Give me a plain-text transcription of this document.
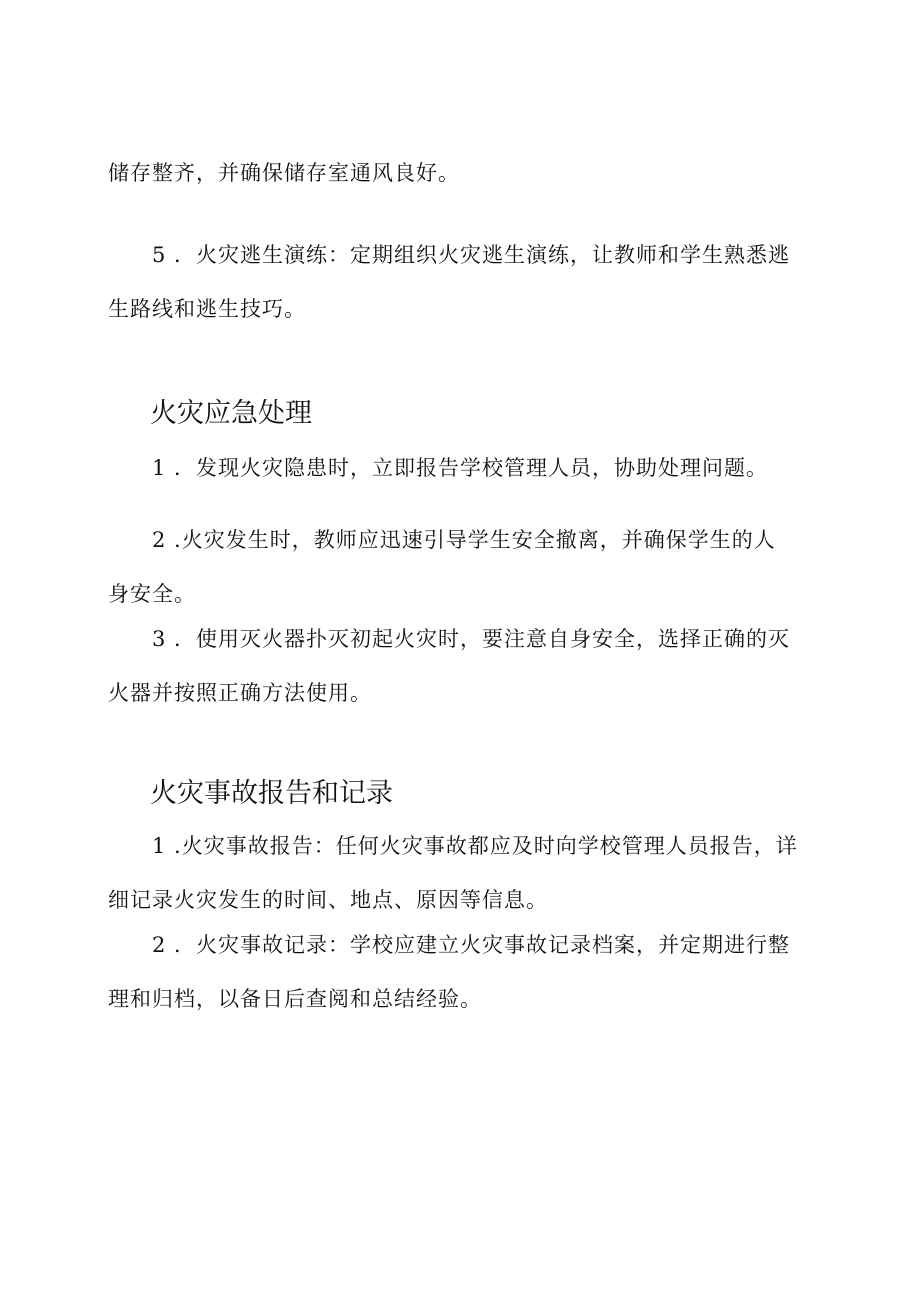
储存整齐，并确保储存室通风良好。
5 ．火灾逃生演练：定期组织火灾逃生演练，让教师和学生熟悉逃
生路线和逃生技巧。
火灾应急处理
1 ．发现火灾隐患时，立即报告学校管理人员，协助处理问题。
2 .火灾发生时，教师应迅速引导学生安全撤离，并确保学生的人
身安全。
3 ．使用灭火器扑灭初起火灾时，要注意自身安全，选择正确的灭
火器并按照正确方法使用。
火灾事故报告和记录
1 .火灾事故报告：任何火灾事故都应及时向学校管理人员报告，详
细记录火灾发生的时间、地点、原因等信息。
2 ．火灾事故记录：学校应建立火灾事故记录档案，并定期进行整
理和归档，以备日后查阅和总结经验。
